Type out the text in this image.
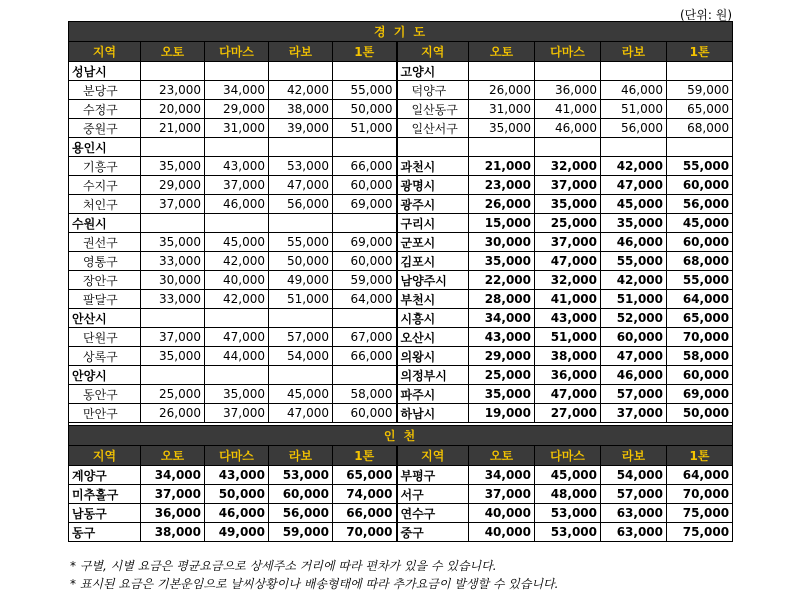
(단위: 원)
경 기 도									
지역	오토	다마스	라보	1톤	지역	오토	다마스	라보	1톤
성남시					고양시				
분당구	23,000	34,000	42,000	55,000	덕양구	26,000	36,000	46,000	59,000
수정구	20,000	29,000	38,000	50,000	일산동구	31,000	41,000	51,000	65,000
중원구	21,000	31,000	39,000	51,000	일산서구	35,000	46,000	56,000	68,000
용인시									
기흥구	35,000	43,000	53,000	66,000	과천시	21,000	32,000	42,000	55,000
수지구	29,000	37,000	47,000	60,000	광명시	23,000	37,000	47,000	60,000
처인구	37,000	46,000	56,000	69,000	광주시	26,000	35,000	45,000	56,000
수원시					구리시	15,000	25,000	35,000	45,000
권선구	35,000	45,000	55,000	69,000	군포시	30,000	37,000	46,000	60,000
영통구	33,000	42,000	50,000	60,000	김포시	35,000	47,000	55,000	68,000
장안구	30,000	40,000	49,000	59,000	남양주시	22,000	32,000	42,000	55,000
팔달구	33,000	42,000	51,000	64,000	부천시	28,000	41,000	51,000	64,000
안산시					시흥시	34,000	43,000	52,000	65,000
단원구	37,000	47,000	57,000	67,000	오산시	43,000	51,000	60,000	70,000
상록구	35,000	44,000	54,000	66,000	의왕시	29,000	38,000	47,000	58,000
안양시					의정부시	25,000	36,000	46,000	60,000
동안구	25,000	35,000	45,000	58,000	파주시	35,000	47,000	57,000	69,000
만안구	26,000	37,000	47,000	60,000	하남시	19,000	27,000	37,000	50,000

인 천									
지역	오토	다마스	라보	1톤	지역	오토	다마스	라보	1톤
계양구	34,000	43,000	53,000	65,000	부평구	34,000	45,000	54,000	64,000
미추홀구	37,000	50,000	60,000	74,000	서구	37,000	48,000	57,000	70,000
남동구	36,000	46,000	56,000	66,000	연수구	40,000	53,000	63,000	75,000
동구	38,000	49,000	59,000	70,000	중구	40,000	53,000	63,000	75,000
* 구별, 시별 요금은 평균요금으로 상세주소 거리에 따라 편차가 있을 수 있습니다.
* 표시된 요금은 기본운임으로 날씨상황이나 배송형태에 따라 추가요금이 발생할 수 있습니다.
